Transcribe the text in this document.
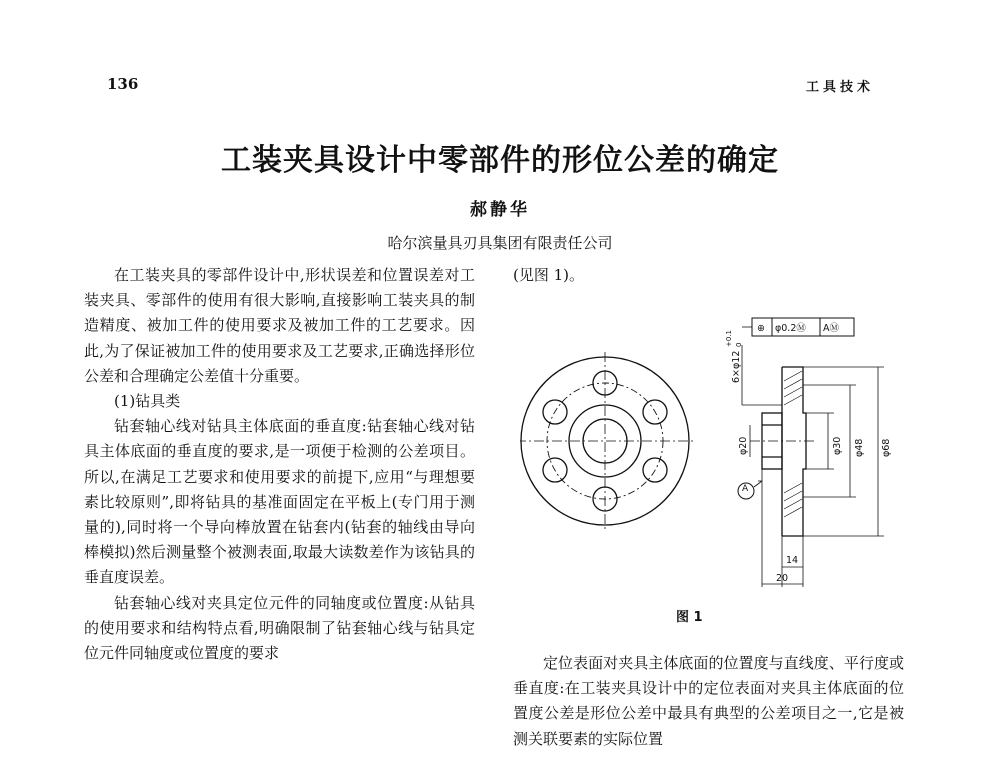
136	工具技术
工装夹具设计中零部件的形位公差的确定
郝静华
哈尔滨量具刃具集团有限责任公司

在工装夹具的零部件设计中,形状误差和位置误差对工装夹具、零部件的使用有很大影响,直接影响工装夹具的制造精度、被加工件的使用要求及被加工件的工艺要求。因此,为了保证被加工件的使用要求及工艺要求,正确选择形位公差和合理确定公差值十分重要。

(1)钻具类

钻套轴心线对钻具主体底面的垂直度:钻套轴心线对钻具主体底面的垂直度的要求,是一项便于检测的公差项目。所以,在满足工艺要求和使用要求的前提下,应用“与理想要素比较原则”,即将钻具的基准面固定在平板上(专门用于测量的),同时将一个导向棒放置在钻套内(钻套的轴线由导向棒模拟)然后测量整个被测表面,取最大读数差作为该钻具的垂直度误差。

钻套轴心线对夹具定位元件的同轴度或位置度:从钻具的使用要求和结构特点看,明确限制了钻套轴心线与钻具定位元件同轴度或位置度的要求

(见图 1)。

⊕ φ0.2Ⓜ AⓂ
A
6×φ12
+0.1 0
φ20	φ30 φ48 φ68
14
20
图 1

定位表面对夹具主体底面的位置度与直线度、平行度或垂直度:在工装夹具设计中的定位表面对夹具主体底面的位置度公差是形位公差中最具有典型的公差项目之一,它是被测关联要素的实际位置
